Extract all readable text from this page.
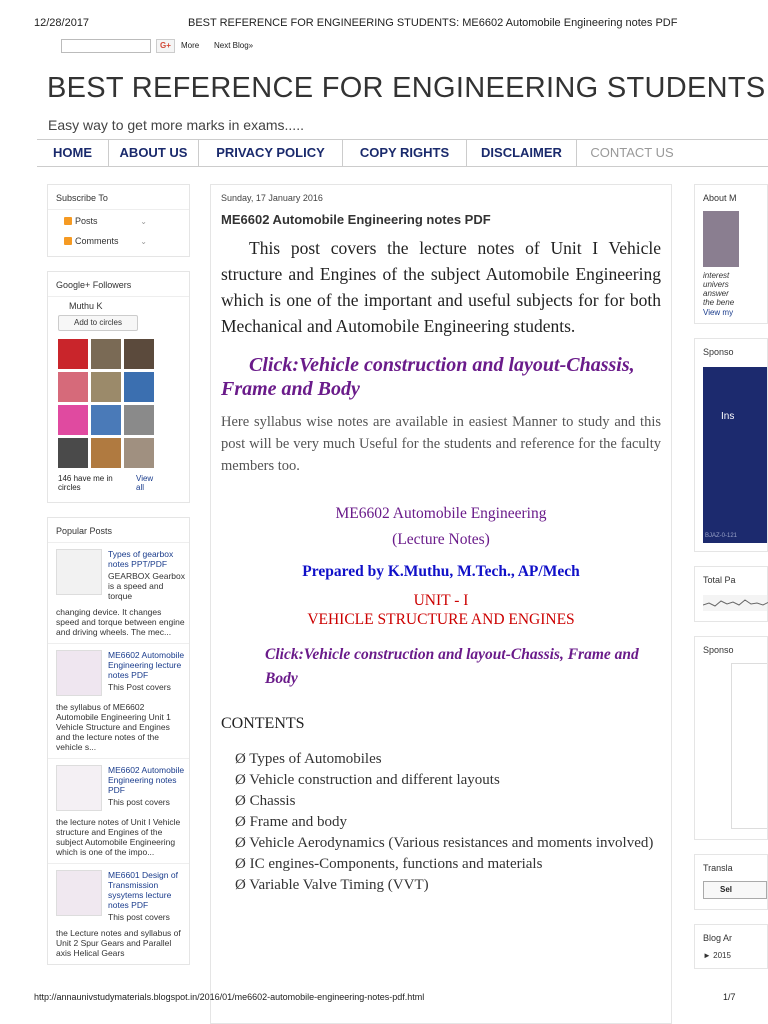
12/28/2017	BEST REFERENCE FOR ENGINEERING STUDENTS: ME6602 Automobile Engineering notes PDF
G+	More Next Blog»
BEST REFERENCE FOR ENGINEERING STUDENTS
Easy way to get more marks in exams.....
HOME	ABOUT US	PRIVACY POLICY	COPY RIGHTS	DISCLAIMER	CONTACT US
Subscribe To
Posts	⌄
Comments	⌄
Google+ Followers
Muthu K
Add to circles
146 have me in circles
View all
Popular Posts
Types of gearbox notes PPT/PDF
GEARBOX Gearbox is a speed and torque
changing device. It changes speed and torque between engine and driving wheels. The mec...
ME6602 Automobile Engineering lecture notes PDF
This Post covers
the syllabus of ME6602 Automobile Engineering Unit 1 Vehicle Structure and Engines and the lecture notes of the vehicle s...
ME6602 Automobile Engineering notes PDF
This post covers
the lecture notes of Unit I Vehicle structure and Engines of the subject Automobile Engineering which is one of the impo...
ME6601 Design of Transmission sysytems lecture notes PDF
This post covers
the Lecture notes and syllabus of Unit 2 Spur Gears and Parallel axis Helical Gears
Sunday, 17 January 2016
ME6602 Automobile Engineering notes PDF

This post covers the lecture notes of Unit I Vehicle structure and Engines of the subject Automobile Engineering which is one of the important and useful subjects for for both Mechanical and Automobile Engineering students.

Click:Vehicle construction and layout-Chassis, Frame and Body

Here syllabus wise notes are available in easiest Manner to study and this post will be very much Useful for the students and reference for the faculty members too.

ME6602 Automobile Engineering
(Lecture Notes)
Prepared by K.Muthu, M.Tech., AP/Mech
UNIT - I
VEHICLE STRUCTURE AND ENGINES

Click:Vehicle construction and layout-Chassis, Frame and Body

CONTENTS
Ø Types of Automobiles
Ø Vehicle construction and different layouts
Ø Chassis
Ø Frame and body
Ø Vehicle Aerodynamics (Various resistances and moments involved)
Ø IC engines-Components, functions and materials
Ø Variable Valve Timing (VVT)
About M
interest
univers
answer
the bene
View my
Sponso
Ins
BJAZ-0-121
Total Pa
Sponso
Transla
Sel
Blog Ar
► 2015
http://annaunivstudymaterials.blogspot.in/2016/01/me6602-automobile-engineering-notes-pdf.html	1/7
